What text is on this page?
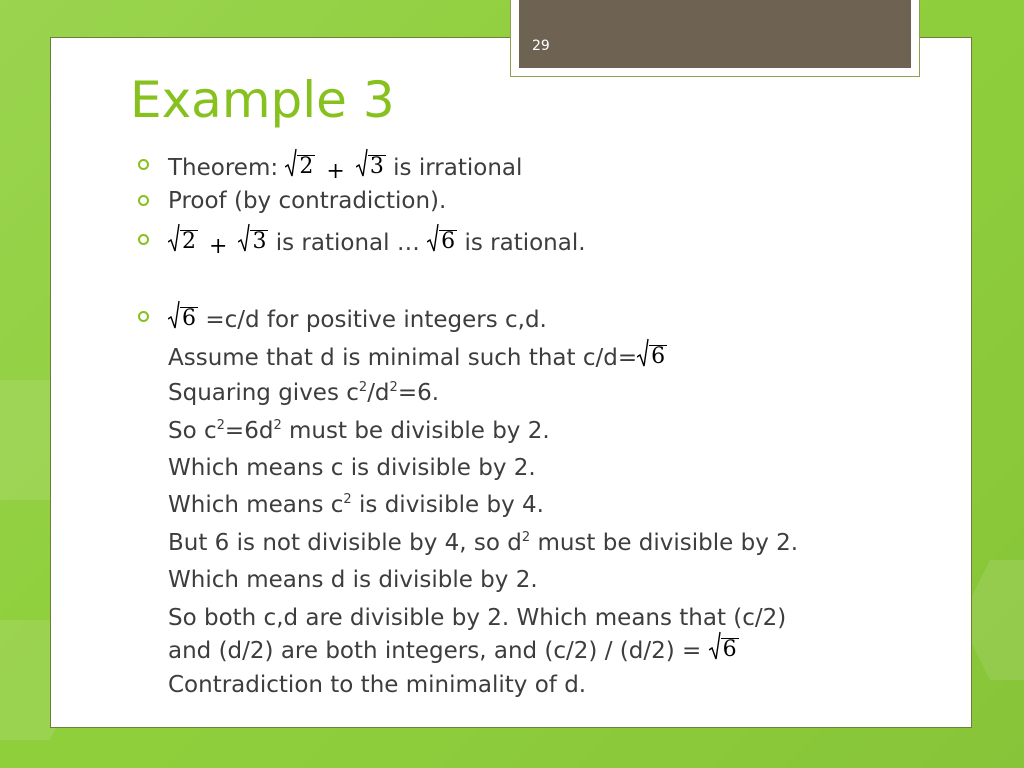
29
Example 3
Theorem: 2 + 3 is irrational
Proof (by contradiction).
2 + 3 is rational … 6 is rational.
6 =c/d for positive integers c,d.
Assume that d is minimal such that c/d= 6
Squaring gives $c^2/d^2=6$.
So $c^2=6d^2$ must be divisible by 2.
Which means c is divisible by 2.
Which means $c^2$ is divisible by 4.
But 6 is not divisible by 4, so $d^2$ must be divisible by 2.
Which means d is divisible by 2.
So both c,d are divisible by 2. Which means that (c/2)
and (d/2) are both integers, and (c/2) / (d/2) = 6
Contradiction to the minimality of d.
